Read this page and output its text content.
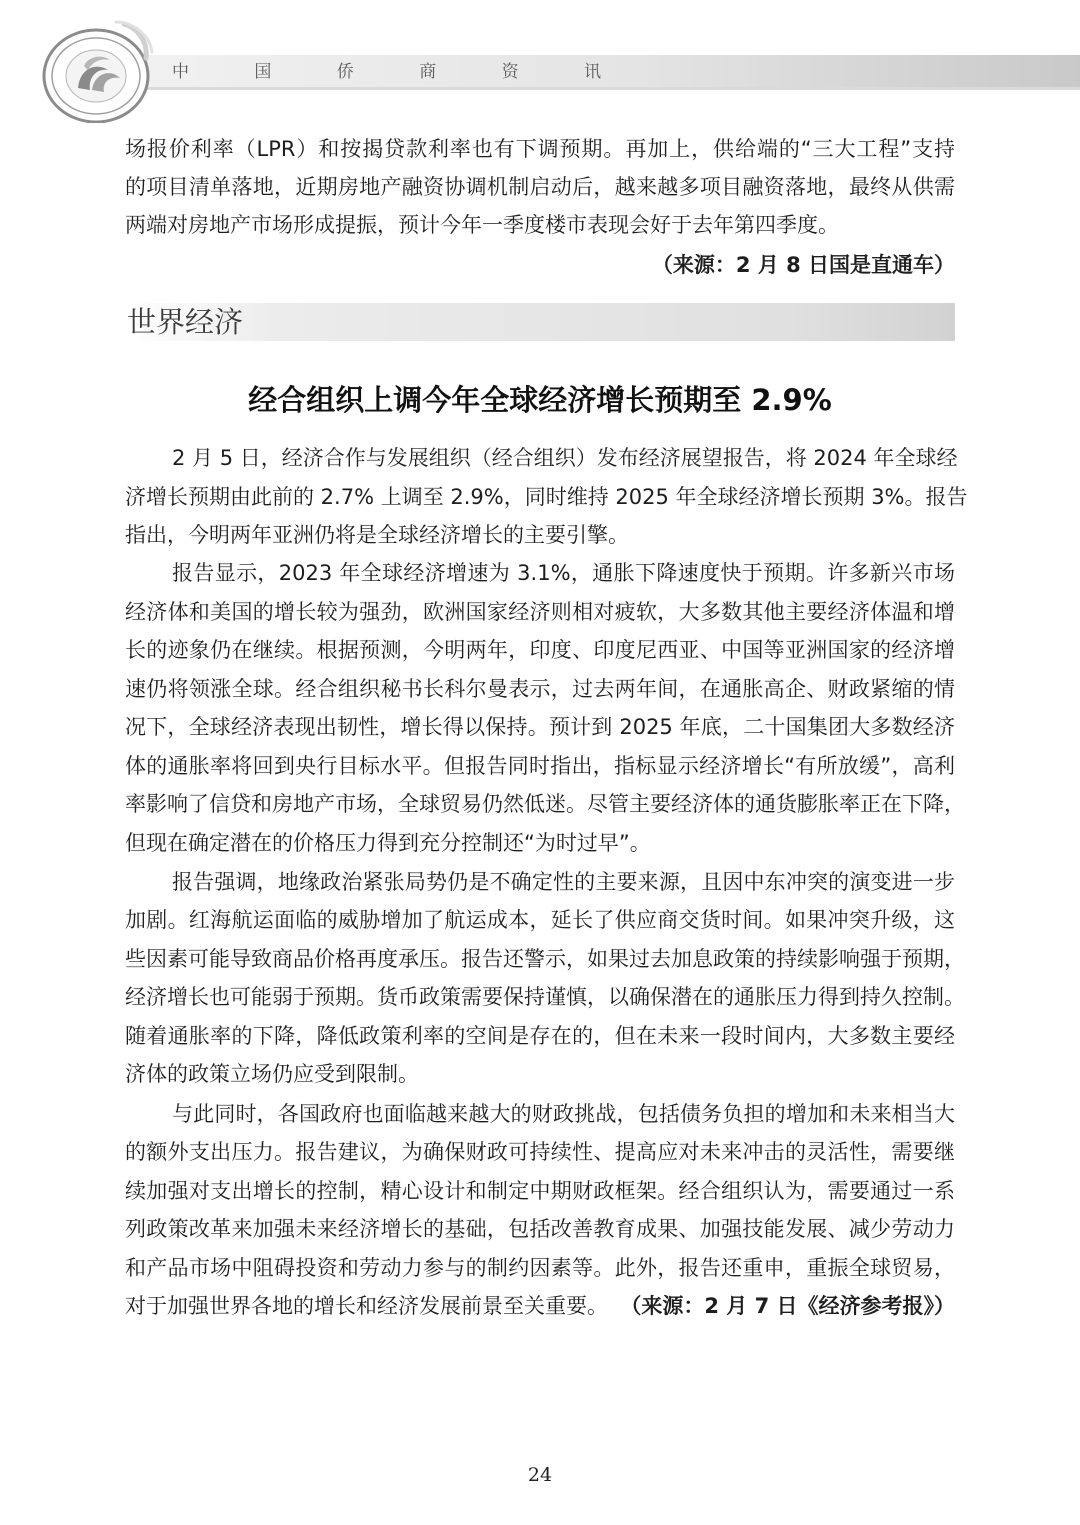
中 国 侨 商 资 讯
场报价利率（LPR）和按揭贷款利率也有下调预期。再加上，供给端的“三大工程”支持
的项目清单落地，近期房地产融资协调机制启动后，越来越多项目融资落地，最终从供需
两端对房地产市场形成提振，预计今年一季度楼市表现会好于去年第四季度。
（来源：2 月 8 日国是直通车）
世界经济
经合组织上调今年全球经济增长预期至 2.9%
2 月 5 日，经济合作与发展组织（经合组织）发布经济展望报告，将 2024 年全球经
济增长预期由此前的 2.7% 上调至 2.9%，同时维持 2025 年全球经济增长预期 3%。报告
指出，今明两年亚洲仍将是全球经济增长的主要引擎。
报告显示，2023 年全球经济增速为 3.1%，通胀下降速度快于预期。许多新兴市场
经济体和美国的增长较为强劲，欧洲国家经济则相对疲软，大多数其他主要经济体温和增
长的迹象仍在继续。根据预测，今明两年，印度、印度尼西亚、中国等亚洲国家的经济增
速仍将领涨全球。经合组织秘书长科尔曼表示，过去两年间，在通胀高企、财政紧缩的情
况下，全球经济表现出韧性，增长得以保持。预计到 2025 年底，二十国集团大多数经济
体的通胀率将回到央行目标水平。但报告同时指出，指标显示经济增长“有所放缓”，高利
率影响了信贷和房地产市场，全球贸易仍然低迷。尽管主要经济体的通货膨胀率正在下降，
但现在确定潜在的价格压力得到充分控制还“为时过早”。
报告强调，地缘政治紧张局势仍是不确定性的主要来源，且因中东冲突的演变进一步
加剧。红海航运面临的威胁增加了航运成本，延长了供应商交货时间。如果冲突升级，这
些因素可能导致商品价格再度承压。报告还警示，如果过去加息政策的持续影响强于预期，
经济增长也可能弱于预期。货币政策需要保持谨慎，以确保潜在的通胀压力得到持久控制。
随着通胀率的下降，降低政策利率的空间是存在的，但在未来一段时间内，大多数主要经
济体的政策立场仍应受到限制。
与此同时，各国政府也面临越来越大的财政挑战，包括债务负担的增加和未来相当大
的额外支出压力。报告建议，为确保财政可持续性、提高应对未来冲击的灵活性，需要继
续加强对支出增长的控制，精心设计和制定中期财政框架。经合组织认为，需要通过一系
列政策改革来加强未来经济增长的基础，包括改善教育成果、加强技能发展、减少劳动力
和产品市场中阻碍投资和劳动力参与的制约因素等。此外，报告还重申，重振全球贸易，
对于加强世界各地的增长和经济发展前景至关重要。 （来源：2 月 7 日《经济参考报》）
24
